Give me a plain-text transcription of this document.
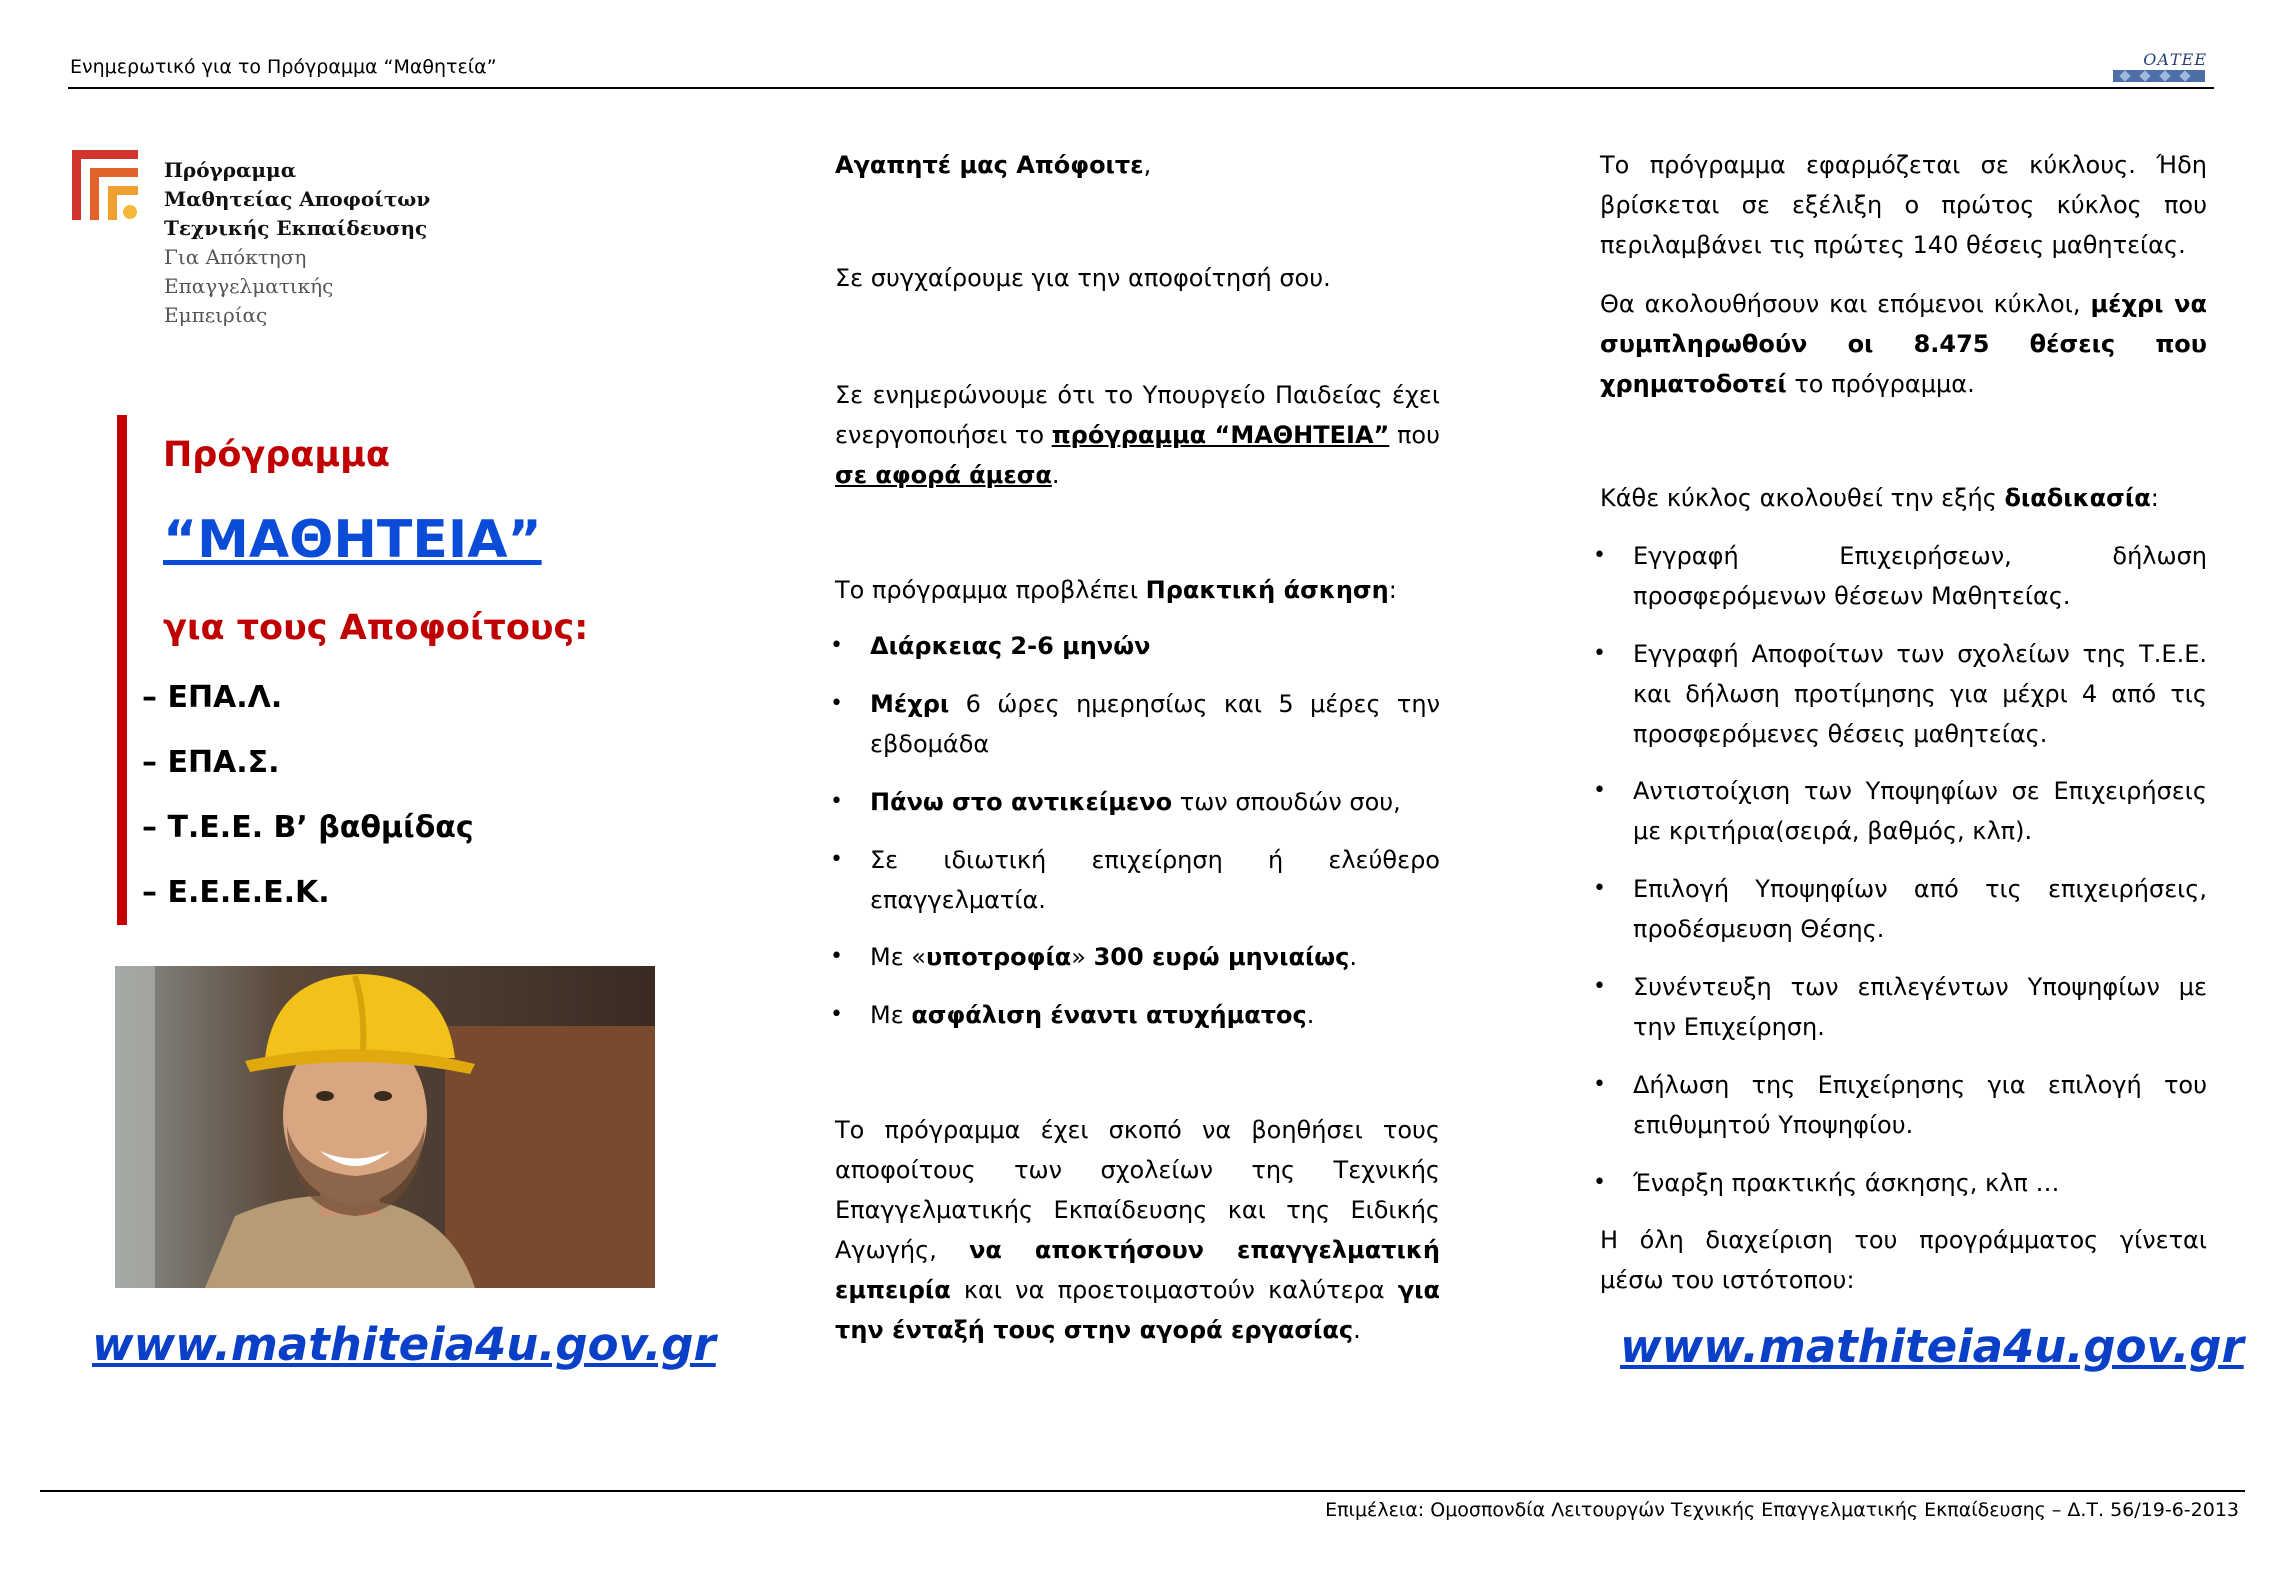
Ενημερωτικό για το Πρόγραμμα “Μαθητεία”	ΟΑΤΕΕ
Πρόγραμμα
Μαθητείας Αποφοίτων
Τεχνικής Εκπαίδευσης
Για Απόκτηση
Επαγγελματικής
Εμπειρίας
Πρόγραμμα
“ΜΑΘΗΤΕΙΑ”
για τους Αποφοίτους:
– ΕΠΑ.Λ.
– ΕΠΑ.Σ.
– Τ.Ε.Ε. Β’ βαθμίδας
– Ε.Ε.Ε.Ε.Κ.
www.mathiteia4u.gov.gr
Αγαπητέ μας Απόφοιτε,
Σε συγχαίρουμε για την αποφοίτησή σου.
Σε ενημερώνουμε ότι το Υπουργείο Παιδείας έχει ενεργοποιήσει το πρόγραμμα “ΜΑΘΗΤΕΙΑ” που σε αφορά άμεσα.
Το πρόγραμμα προβλέπει Πρακτική άσκηση:
• Διάρκειας 2-6 μηνών
• Μέχρι 6 ώρες ημερησίως και 5 μέρες την εβδομάδα
• Πάνω στο αντικείμενο των σπουδών σου,
• Σε ιδιωτική επιχείρηση ή ελεύθερο επαγγελματία.
• Με «υποτροφία» 300 ευρώ μηνιαίως.
• Με ασφάλιση έναντι ατυχήματος.
Το πρόγραμμα έχει σκοπό να βοηθήσει τους αποφοίτους των σχολείων της Τεχνικής Επαγγελματικής Εκπαίδευσης και της Ειδικής Αγωγής, να αποκτήσουν επαγγελματική εμπειρία και να προετοιμαστούν καλύτερα για την ένταξή τους στην αγορά εργασίας.
Το πρόγραμμα εφαρμόζεται σε κύκλους. Ήδη βρίσκεται σε εξέλιξη ο πρώτος κύκλος που περιλαμβάνει τις πρώτες 140 θέσεις μαθητείας.
Θα ακολουθήσουν και επόμενοι κύκλοι, μέχρι να συμπληρωθούν οι 8.475 θέσεις που χρηματοδοτεί το πρόγραμμα.
Κάθε κύκλος ακολουθεί την εξής διαδικασία:
• Εγγραφή Επιχειρήσεων, δήλωση προσφερόμενων θέσεων Μαθητείας.
• Εγγραφή Αποφοίτων των σχολείων της Τ.Ε.Ε. και δήλωση προτίμησης για μέχρι 4 από τις προσφερόμενες θέσεις μαθητείας.
• Αντιστοίχιση των Υποψηφίων σε Επιχειρήσεις με κριτήρια(σειρά, βαθμός, κλπ).
• Επιλογή Υποψηφίων από τις επιχειρήσεις, προδέσμευση Θέσης.
• Συνέντευξη των επιλεγέντων Υποψηφίων με την Επιχείρηση.
• Δήλωση της Επιχείρησης για επιλογή του επιθυμητού Υποψηφίου.
• Έναρξη πρακτικής άσκησης, κλπ …
Η όλη διαχείριση του προγράμματος γίνεται μέσω του ιστότοπου:
www.mathiteia4u.gov.gr
Επιμέλεια: Ομοσπονδία Λειτουργών Τεχνικής Επαγγελματικής Εκπαίδευσης – Δ.Τ. 56/19-6-2013
